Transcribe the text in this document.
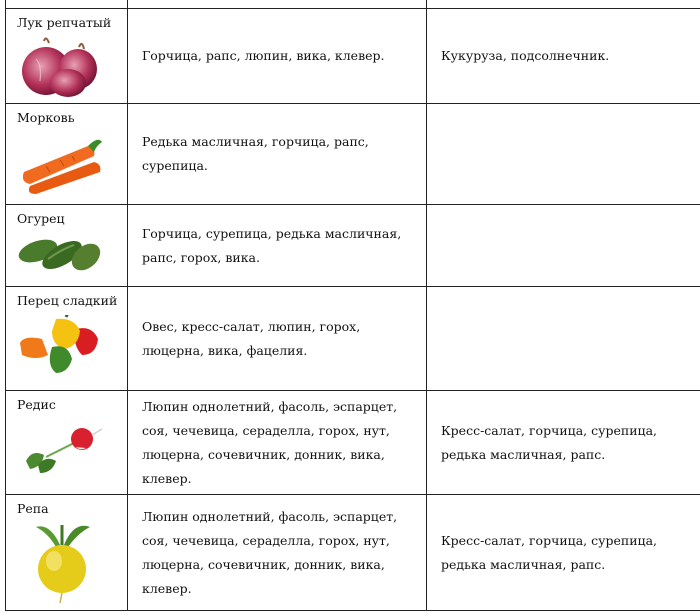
Лук репчатый	Горчица, рапс, люпин, вика, клевер.	Кукуруза, подсолнечник.

Морковь	Редька масличная, горчица, рапс,
сурепица.	

Огурец	Горчица, сурепица, редька масличная,
рапс, горох, вика.	

Перец сладкий	Овес, кресс-салат, люпин, горох,
люцерна, вика, фацелия.	

Редис	Люпин однолетний, фасоль, эспарцет,
соя, чечевица, сераделла, горох, нут,
люцерна, сочевичник, донник, вика,
клевер.	Кресс-салат, горчица, сурепица,
редька масличная, рапс.

Репа	Люпин однолетний, фасоль, эспарцет,
соя, чечевица, сераделла, горох, нут,
люцерна, сочевичник, донник, вика,
клевер.	Кресс-салат, горчица, сурепица,
редька масличная, рапс.
